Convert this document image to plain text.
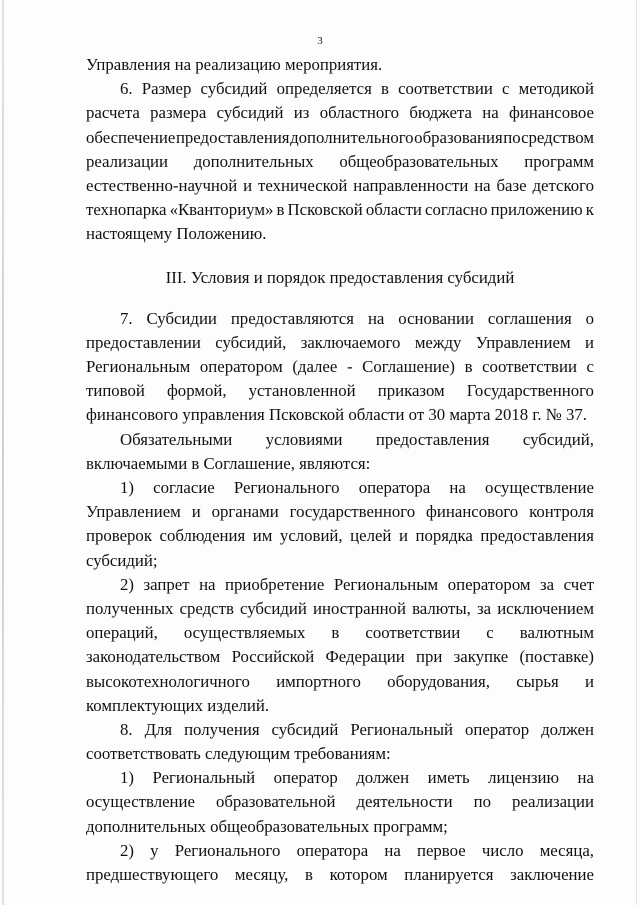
3
Управления на реализацию мероприятия.
6. Размер субсидий определяется в соответствии с методикой
расчета размера субсидий из областного бюджета на финансовое
обеспечение предоставления дополнительного образования посредством
реализации дополнительных общеобразовательных программ
естественно-научной и технической направленности на базе детского
технопарка «Кванториум» в Псковской области согласно приложению к
настоящему Положению.
III. Условия и порядок предоставления субсидий
7. Субсидии предоставляются на основании соглашения о
предоставлении субсидий, заключаемого между Управлением и
Региональным оператором (далее - Соглашение) в соответствии с
типовой формой, установленной приказом Государственного
финансового управления Псковской области от 30 марта 2018 г. № 37.
Обязательными условиями предоставления субсидий,
включаемыми в Соглашение, являются:
1) согласие Регионального оператора на осуществление
Управлением и органами государственного финансового контроля
проверок соблюдения им условий, целей и порядка предоставления
субсидий;
2) запрет на приобретение Региональным оператором за счет
полученных средств субсидий иностранной валюты, за исключением
операций, осуществляемых в соответствии с валютным
законодательством Российской Федерации при закупке (поставке)
высокотехнологичного импортного оборудования, сырья и
комплектующих изделий.
8. Для получения субсидий Региональный оператор должен
соответствовать следующим требованиям:
1) Региональный оператор должен иметь лицензию на
осуществление образовательной деятельности по реализации
дополнительных общеобразовательных программ;
2) у Регионального оператора на первое число месяца,
предшествующего месяцу, в котором планируется заключение
